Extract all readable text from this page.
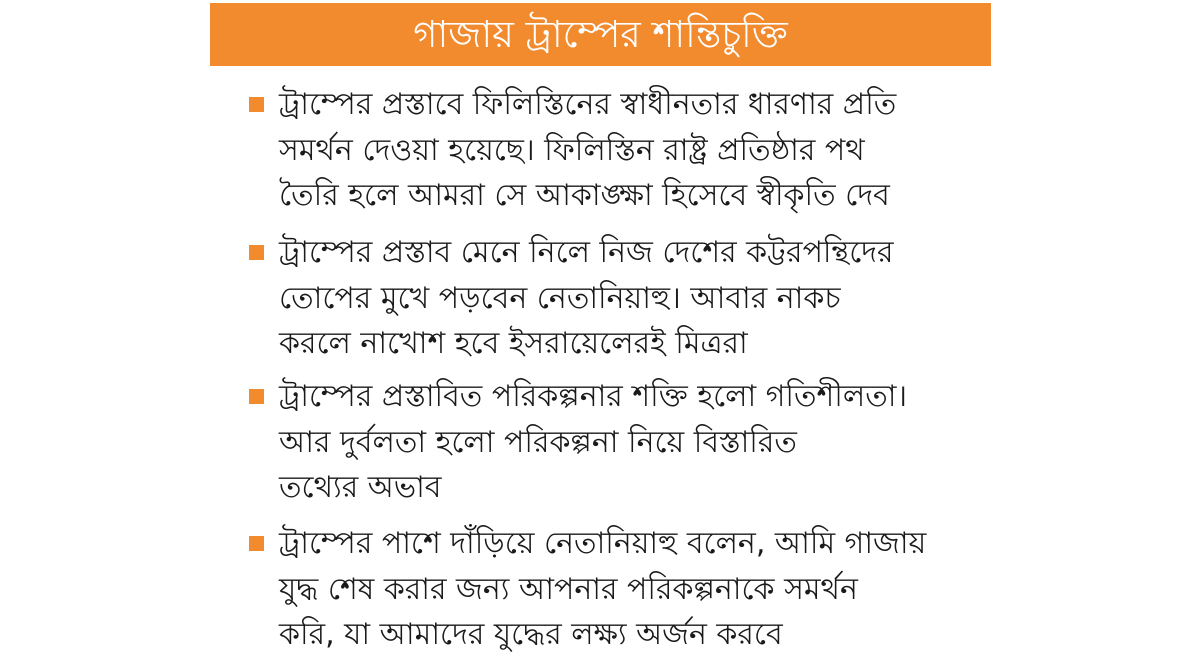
গাজায় ট্রাম্পের শান্তিচুক্তি
ট্রাম্পের প্রস্তাবে ফিলিস্তিনের স্বাধীনতার ধারণার প্রতি
সমর্থন দেওয়া হয়েছে। ফিলিস্তিন রাষ্ট্র প্রতিষ্ঠার পথ
তৈরি হলে আমরা সে আকাঙ্ক্ষা হিসেবে স্বীকৃতি দেব
ট্রাম্পের প্রস্তাব মেনে নিলে নিজ দেশের কট্টরপন্থিদের
তোপের মুখে পড়বেন নেতানিয়াহু। আবার নাকচ
করলে নাখোশ হবে ইসরায়েলেরই মিত্ররা
ট্রাম্পের প্রস্তাবিত পরিকল্পনার শক্তি হলো গতিশীলতা।
আর দুর্বলতা হলো পরিকল্পনা নিয়ে বিস্তারিত
তথ্যের অভাব
ট্রাম্পের পাশে দাঁড়িয়ে নেতানিয়াহু বলেন, আমি গাজায়
যুদ্ধ শেষ করার জন্য আপনার পরিকল্পনাকে সমর্থন
করি, যা আমাদের যুদ্ধের লক্ষ্য অর্জন করবে
